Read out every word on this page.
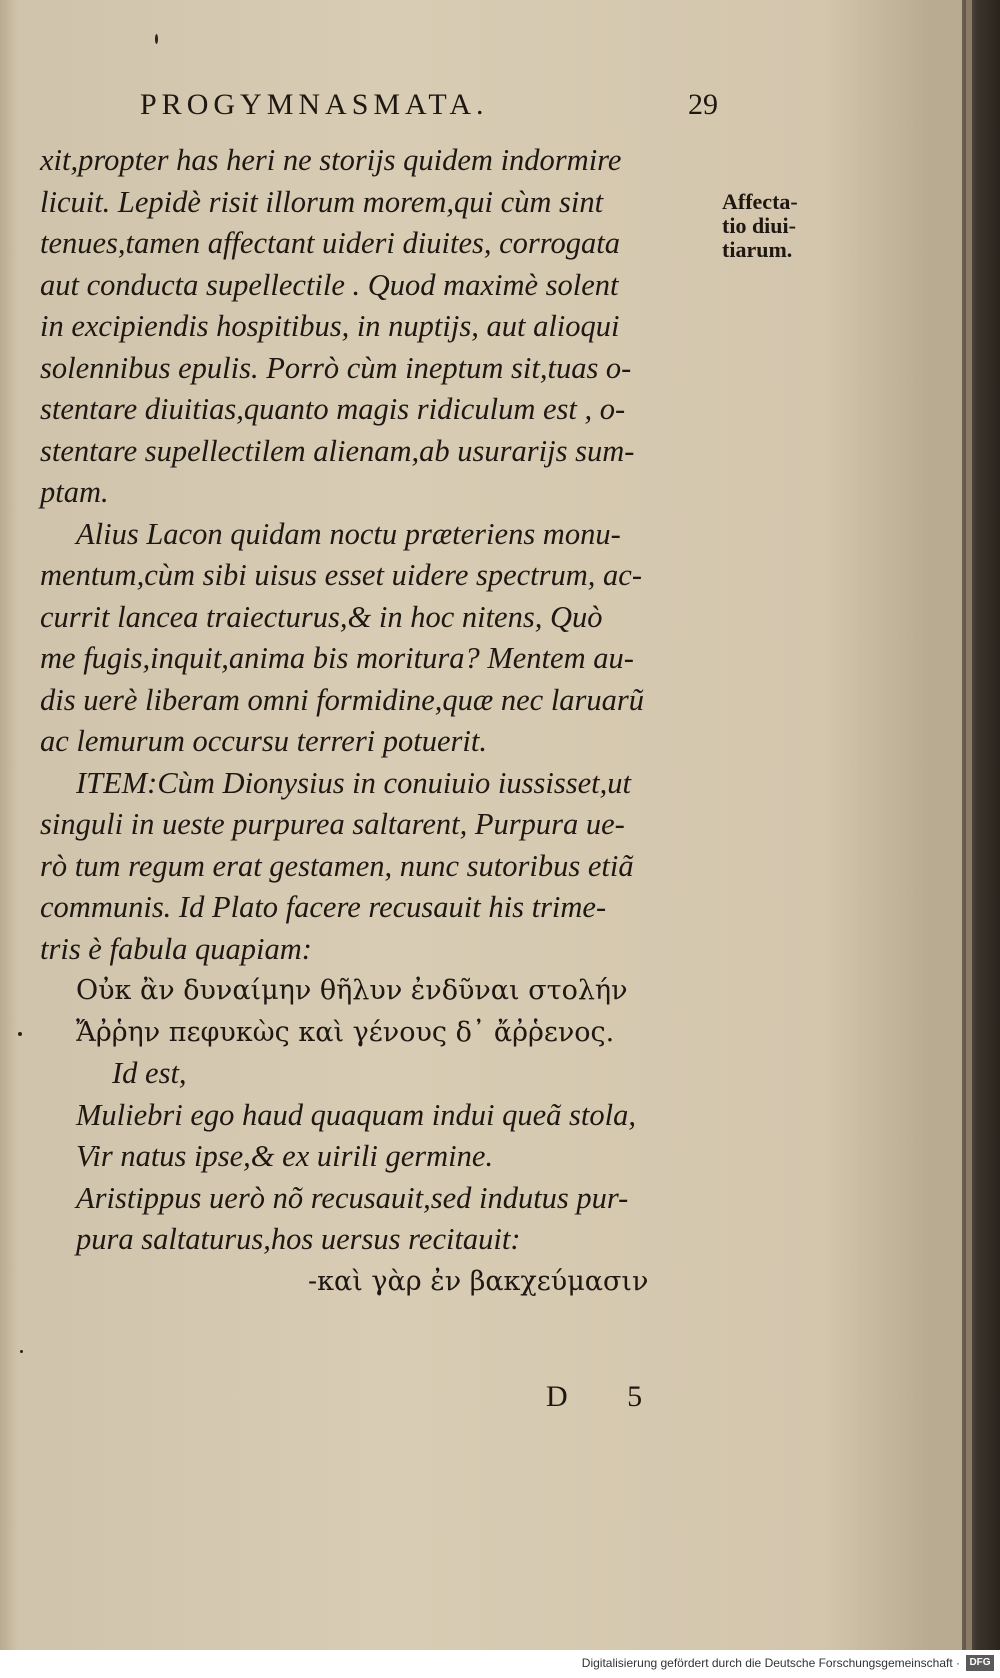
PROGYMNASMATA.	29
xit,propter has heri ne storijs quidem indormire
licuit. Lepidè risit illorum morem,qui cùm sint
tenues,tamen affectant uideri diuites, corrogata
aut conducta supellectile . Quod maximè solent
in excipiendis hospitibus, in nuptijs, aut alioqui
solennibus epulis. Porrò cùm ineptum sit,tuas o-
stentare diuitias,quanto magis ridiculum est , o-
stentare supellectilem alienam,ab usurarijs sum-
ptam.
Alius Lacon quidam noctu præteriens monu-
mentum,cùm sibi uisus esset uidere spectrum, ac-
currit lancea traiecturus,& in hoc nitens, Quò
me fugis,inquit,anima bis moritura? Mentem au-
dis uerè liberam omni formidine,quæ nec laruarũ
ac lemurum occursu terreri potuerit.
ITEM:Cùm Dionysius in conuiuio iussisset,ut
singuli in ueste purpurea saltarent, Purpura ue-
rò tum regum erat gestamen, nunc sutoribus etiã
communis. Id Plato facere recusauit his trime-
tris è fabula quapiam:
Οὐκ ἂν δυναίμην θῆλυν ἐνδῦναι στολήν
Ἄῤῥην πεφυκὼς καὶ γένους δ᾽ ἄῤῥενος.
Id est,
Muliebri ego haud quaquam indui queã stola,
Vir natus ipse,& ex uirili germine.
Aristippus uerò nõ recusauit,sed indutus pur-
pura saltaturus,hos uersus recitauit:
-καὶ γὰρ ἐν βακχεύμασιν
Affecta-
tio diui-
tiarum.
D 5
Digitalisierung gefördert durch die Deutsche Forschungsgemeinschaft · DFG
